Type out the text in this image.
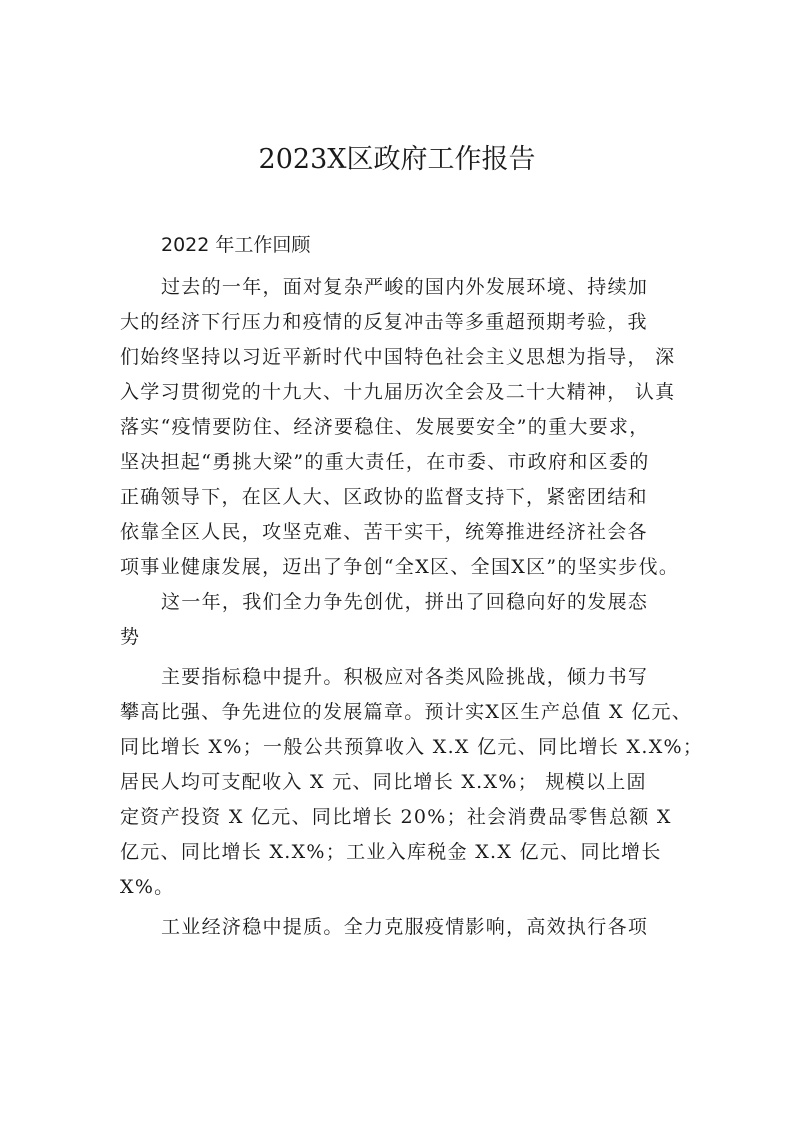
2023X区政府工作报告
2022 年工作回顾
过去的一年，面对复杂严峻的国内外发展环境、持续加
大的经济下行压力和疫情的反复冲击等多重超预期考验，我
们始终坚持以习近平新时代中国特色社会主义思想为指导， 深
入学习贯彻党的十九大、十九届历次全会及二十大精神， 认真
落实“疫情要防住、经济要稳住、发展要安全”的重大要求，
坚决担起“勇挑大梁”的重大责任，在市委、市政府和区委的
正确领导下，在区人大、区政协的监督支持下，紧密团结和
依靠全区人民，攻坚克难、苦干实干，统筹推进经济社会各
项事业健康发展，迈出了争创“全X区、全国X区”的坚实步伐。
这一年，我们全力争先创优，拼出了回稳向好的发展态
势
主要指标稳中提升。积极应对各类风险挑战，倾力书写
攀高比强、争先进位的发展篇章。预计实X区生产总值 X 亿元、
同比增长 X%；一般公共预算收入 X.X 亿元、同比增长 X.X%；
居民人均可支配收入 X 元、同比增长 X.X%； 规模以上固
定资产投资 X 亿元、同比增长 20%；社会消费品零售总额 X
亿元、同比增长 X.X%；工业入库税金 X.X 亿元、同比增长
X%。
工业经济稳中提质。全力克服疫情影响，高效执行各项
